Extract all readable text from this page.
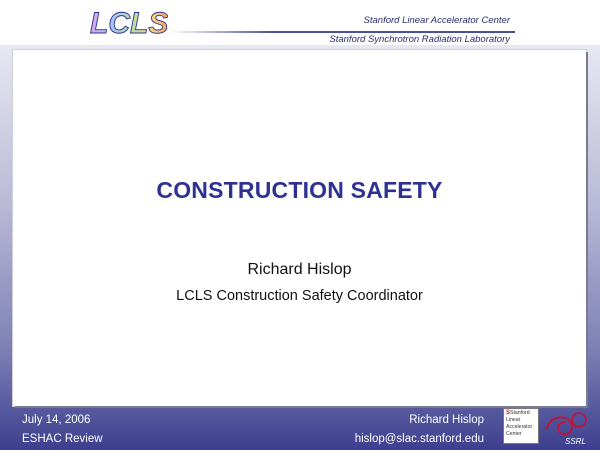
LCLS	Stanford Linear Accelerator Center
Stanford Synchrotron Radiation Laboratory
CONSTRUCTION SAFETY
Richard Hislop
LCLS Construction Safety Coordinator
July 14, 2006
ESHAC Review
Richard Hislop
hislop@slac.stanford.edu
SStanford
Linear
Accelerator
Center
SSRL
